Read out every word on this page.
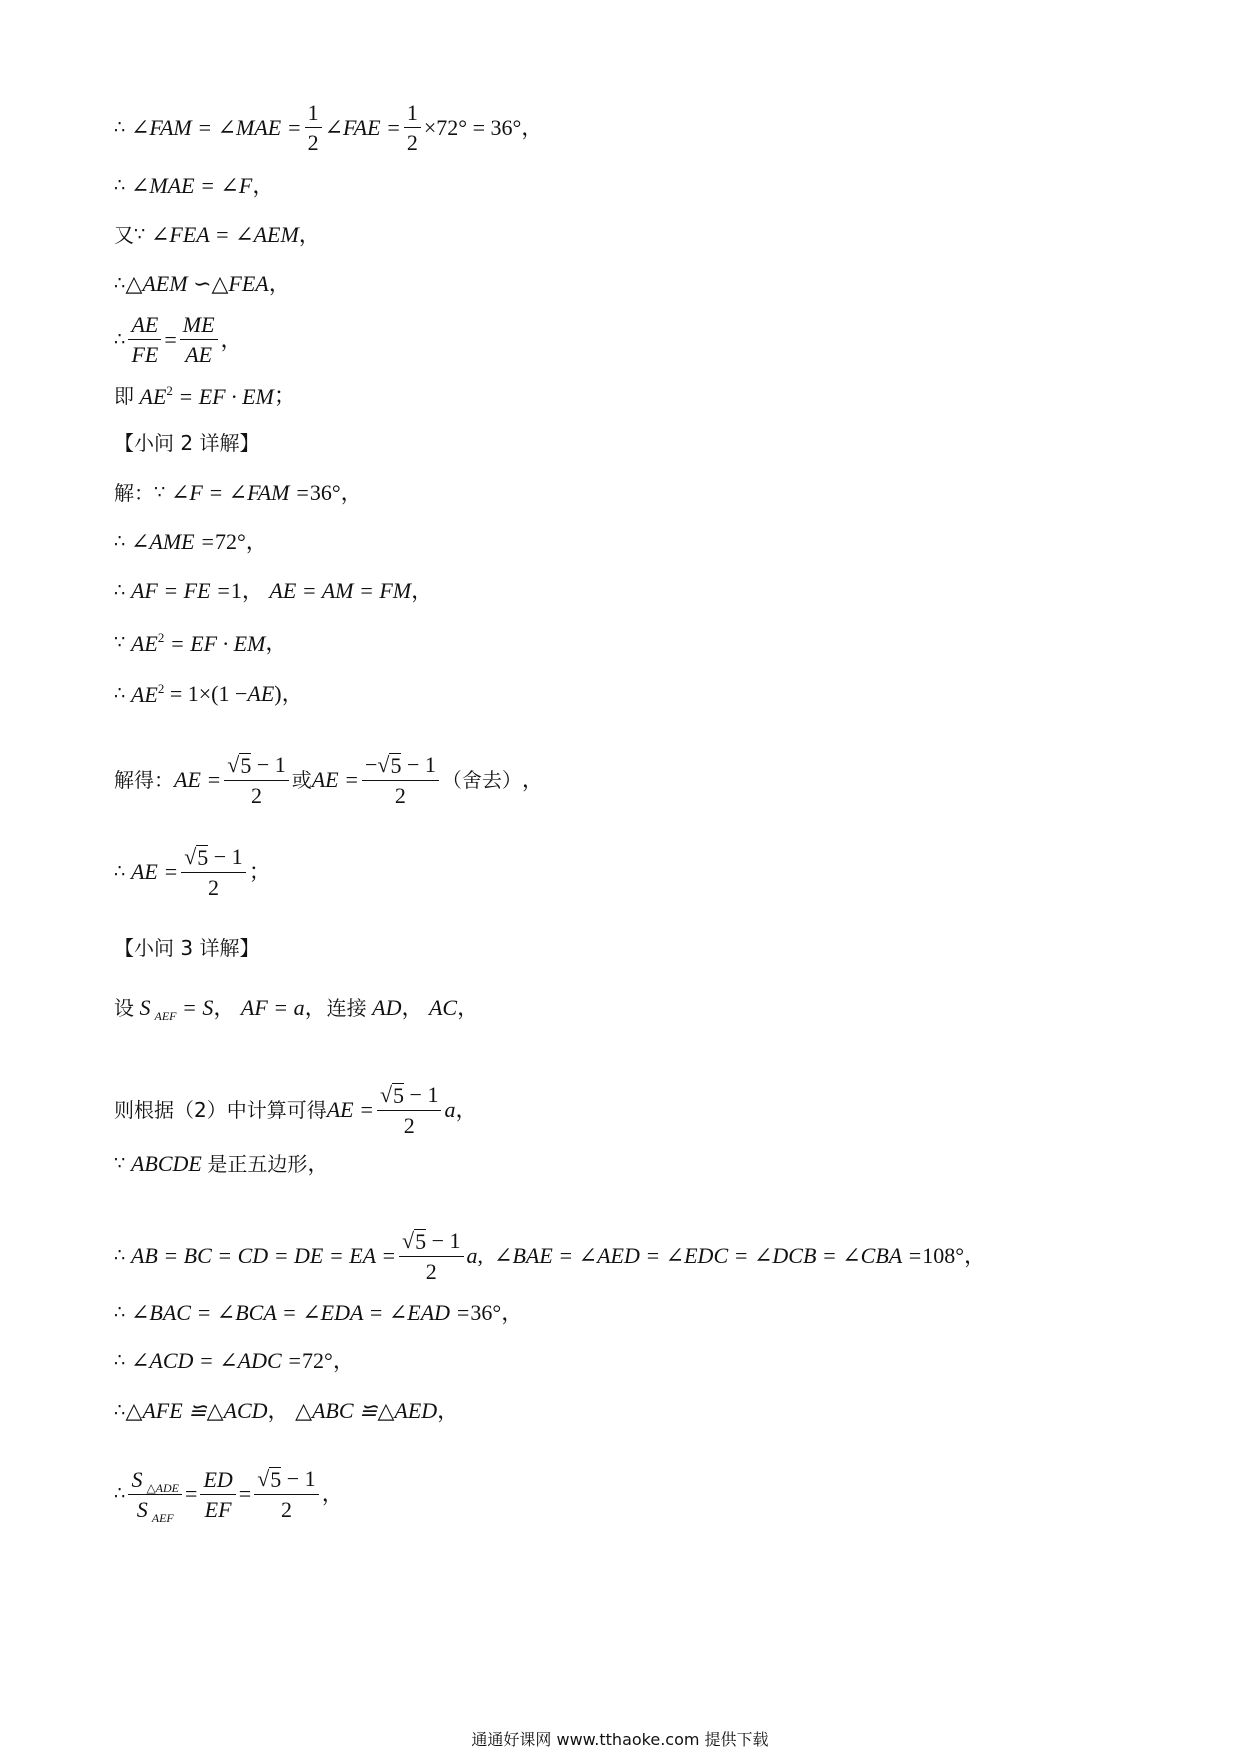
∴ ∠FAM = ∠MAE = $\frac{1}{2}$ ∠FAE = $\frac{1}{2} \times 72^\circ = 36^\circ$，
∴ ∠MAE = ∠F ，
又 ∵ ∠FEA = ∠AEM ，
∴ △AEM ∽△FEA ，
∴ $\frac{AE}{FE} = \frac{ME}{AE}$ ，
即 $AE^2$ = EF · EM ；
【小问 2 详解】
解： ∵ ∠F = ∠FAM = 36°，
∴ ∠AME = 72°，
∴ AF = FE = 1， AE = AM = FM ，
∵ $AE^2$ = EF · EM ，
∴ $AE^2 = 1\times(1$ − AE )，
解得： AE = $\frac{√ 5 - 1}{2}$ 或 AE = $\frac{-√ 5 - 1}{2}$ （舍去） ，
∴ AE = $\frac{√ 5 - 1}{2}$ ；
【小问 3 详解】
设 S AEF = S ， AF = a ， 连接 AD ， AC ，
则根据（2）中计算可得 AE = $\frac{√ 5 - 1}{2}$ a ，
∵ ABCDE 是正五边形 ，
∴ AB = BC = CD = DE = EA = $\frac{√ 5 - 1}{2}$ a , ∠BAE = ∠AED = ∠EDC = ∠DCB = ∠CBA = 108°，
∴ ∠BAC = ∠BCA = ∠EDA = ∠EAD = 36°，
∴ ∠ACD = ∠ADC = 72°，
∴ △AFE ≌△ACD ， △ABC ≌△AED ，
∴ $\frac{S _{\triangle ADE}}{S _{AEF}} = \frac{ED}{EF} = \frac{√ 5 - 1}{2}$ ，
通通好课网 www.tthaoke.com 提供下载
